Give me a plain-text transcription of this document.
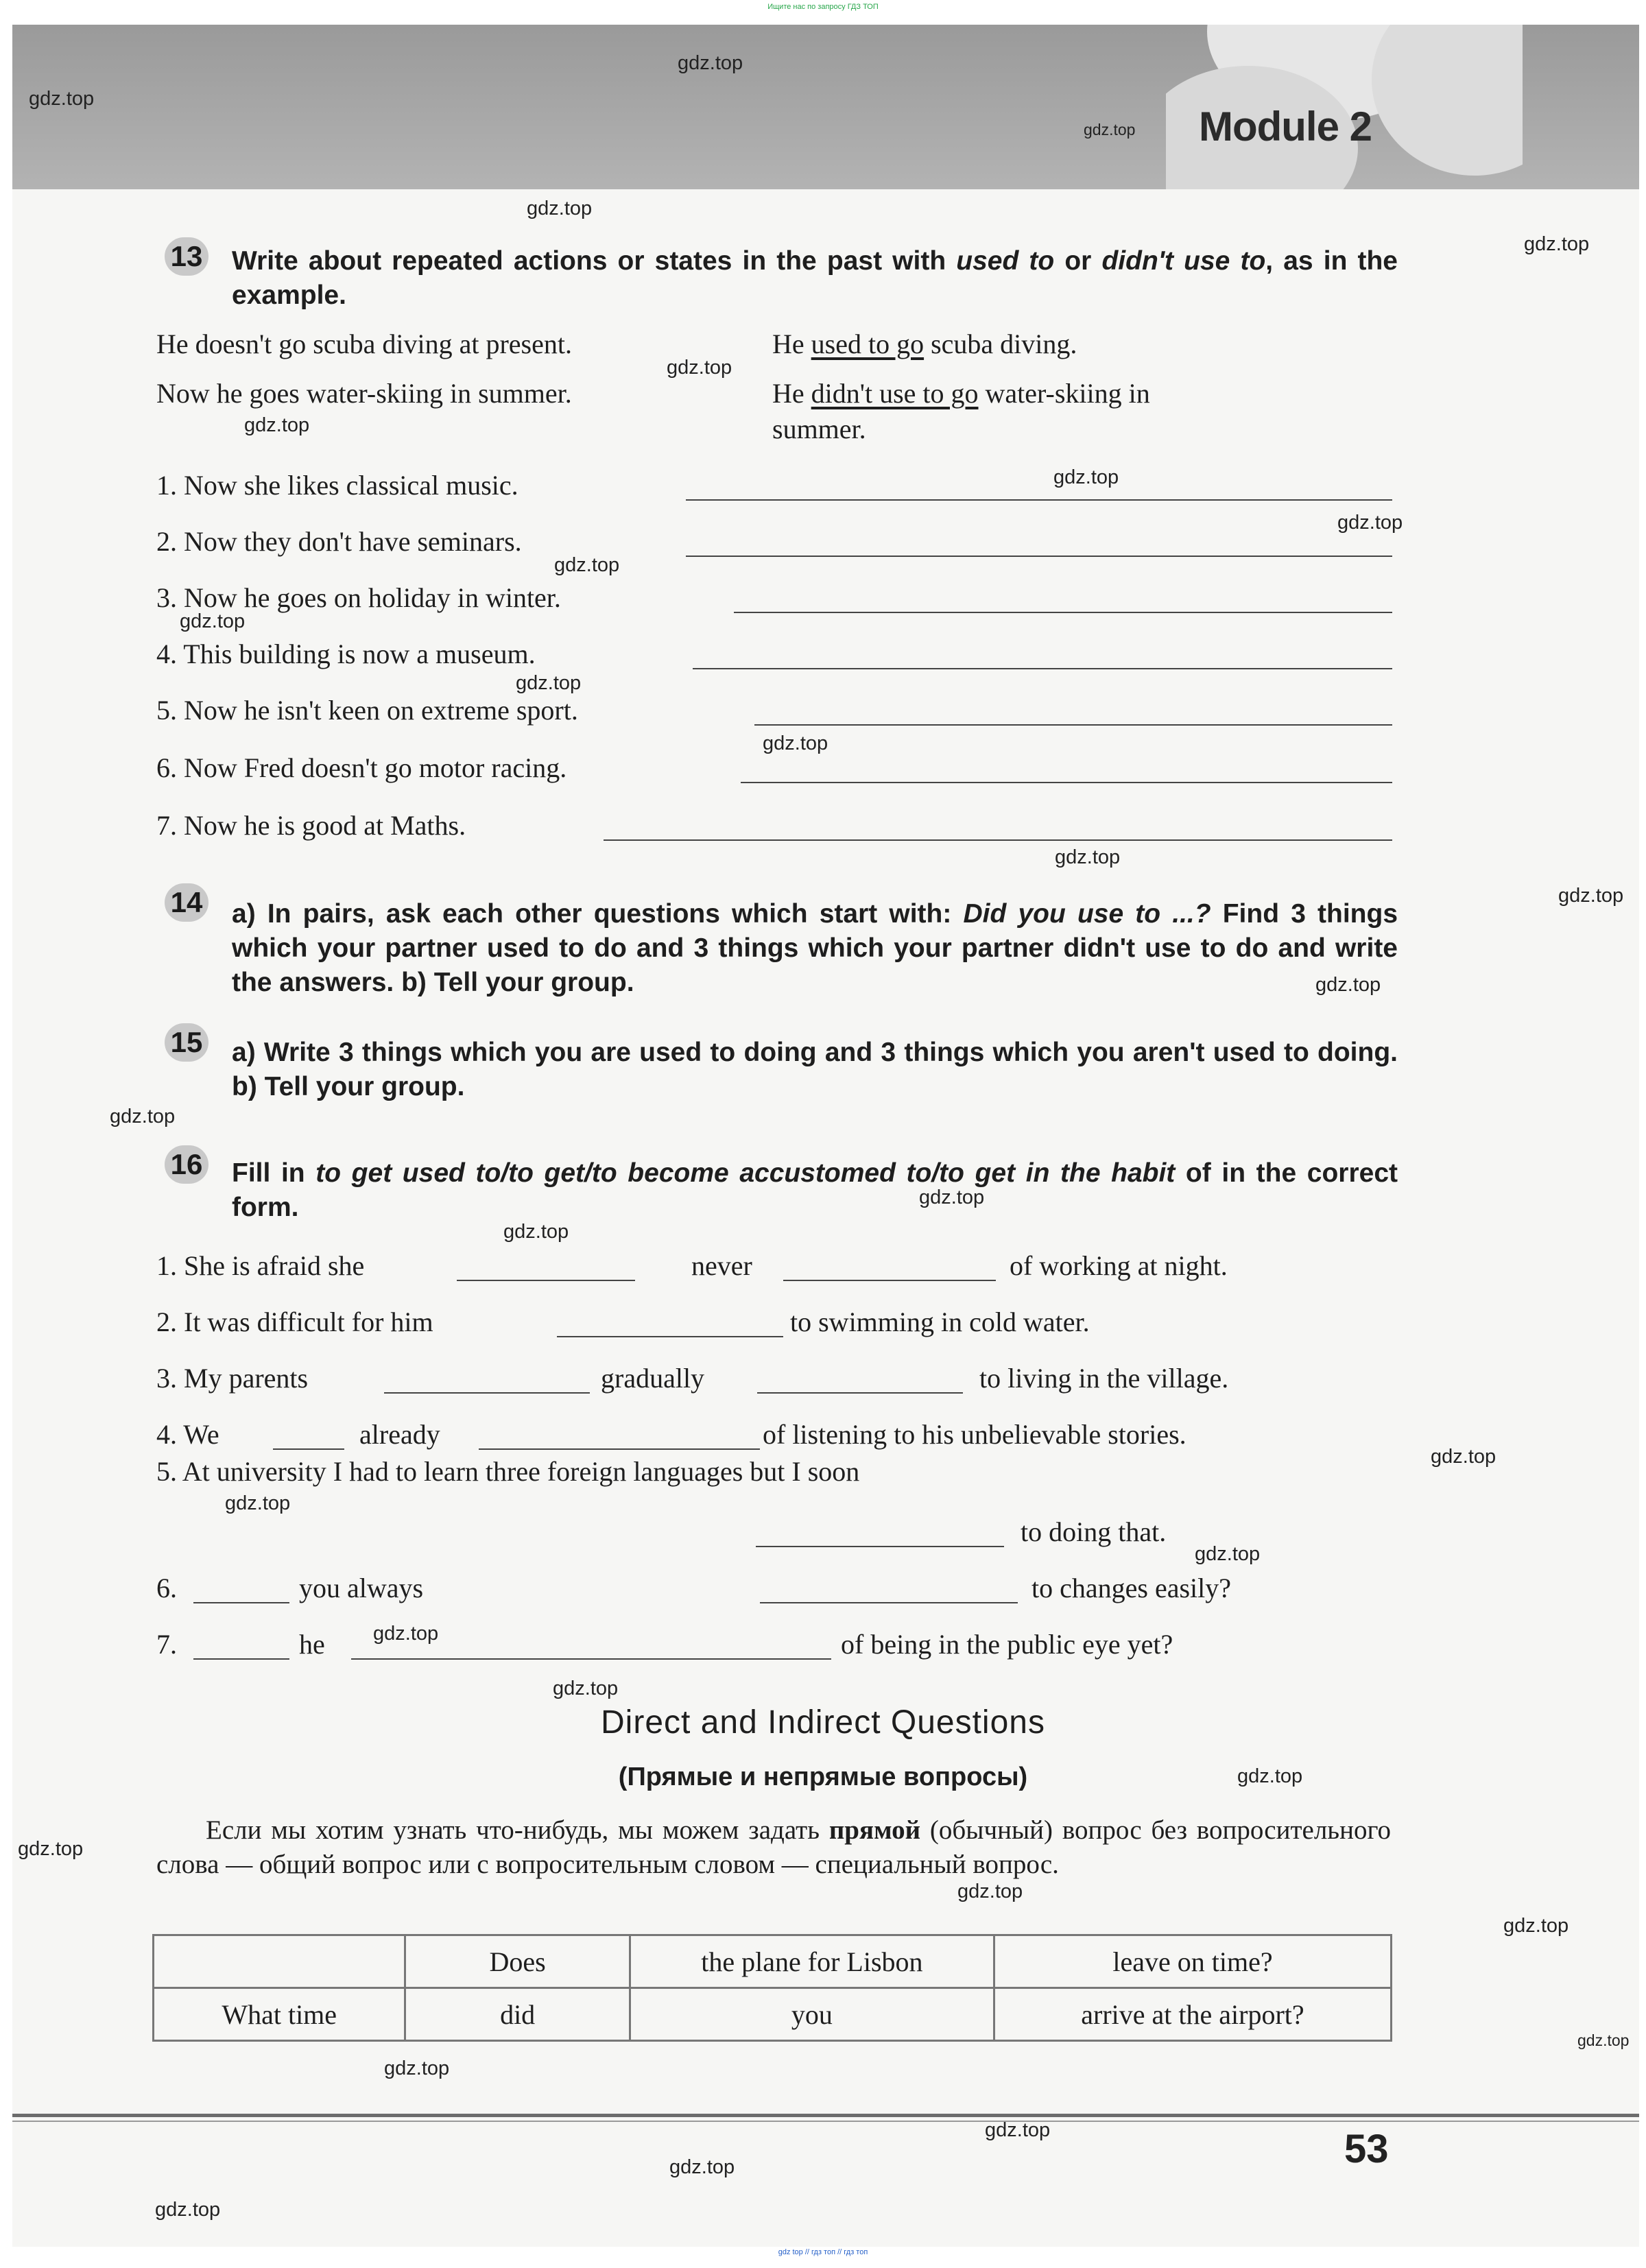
Ищите нас по запросу ГДЗ ТОП
Module 2
gdz.top
gdz.top
gdz.top
gdz.top
gdz.top
gdz.top
gdz.top
gdz.top
gdz.top
gdz.top
gdz.top
gdz.top
gdz.top
gdz.top
gdz.top
gdz.top
gdz.top
gdz.top
gdz.top
gdz.top
gdz.top
gdz.top
gdz.top
gdz.top
gdz.top
gdz.top
gdz.top
gdz.top
gdz.top
gdz.top
gdz.top
gdz.top
gdz.top
13 Write about repeated actions or states in the past with used to or didn't use to, as in the example.
He doesn't go scuba diving at present.	He used to go scuba diving.
Now he goes water-skiing in summer.	He didn't use to go water-skiing in
summer.
1. Now she likes classical music.
2. Now they don't have seminars.
3. Now he goes on holiday in winter.
4. This building is now a museum.
5. Now he isn't keen on extreme sport.
6. Now Fred doesn't go motor racing.
7. Now he is good at Maths.
14 a) In pairs, ask each other questions which start with: Did you use to ...? Find 3 things which your partner used to do and 3 things which your partner didn't use to do and write the answers. b) Tell your group.
15 a) Write 3 things which you are used to doing and 3 things which you aren't used to doing. b) Tell your group.
16 Fill in to get used to/to get/to become accustomed to/to get in the habit of in the correct form.
1. She is afraid she	never	of working at night.
2. It was difficult for him	to swimming in cold water.
3. My parents	gradually	to living in the village.
4. We	already	of listening to his unbelievable stories.
5. At university I had to learn three foreign languages but I soon
to doing that.
6.	you always	to changes easily?
7.	he	of being in the public eye yet?
Direct and Indirect Questions
(Прямые и непрямые вопросы)
Если мы хотим узнать что-нибудь, мы можем задать прямой (обычный) вопрос без вопросительного слова — общий вопрос или с вопросительным словом — специальный вопрос.
	Does	the plane for Lisbon	leave on time?
What time	did	you	arrive at the airport?
53
gdz top // гдз топ // гдз топ
